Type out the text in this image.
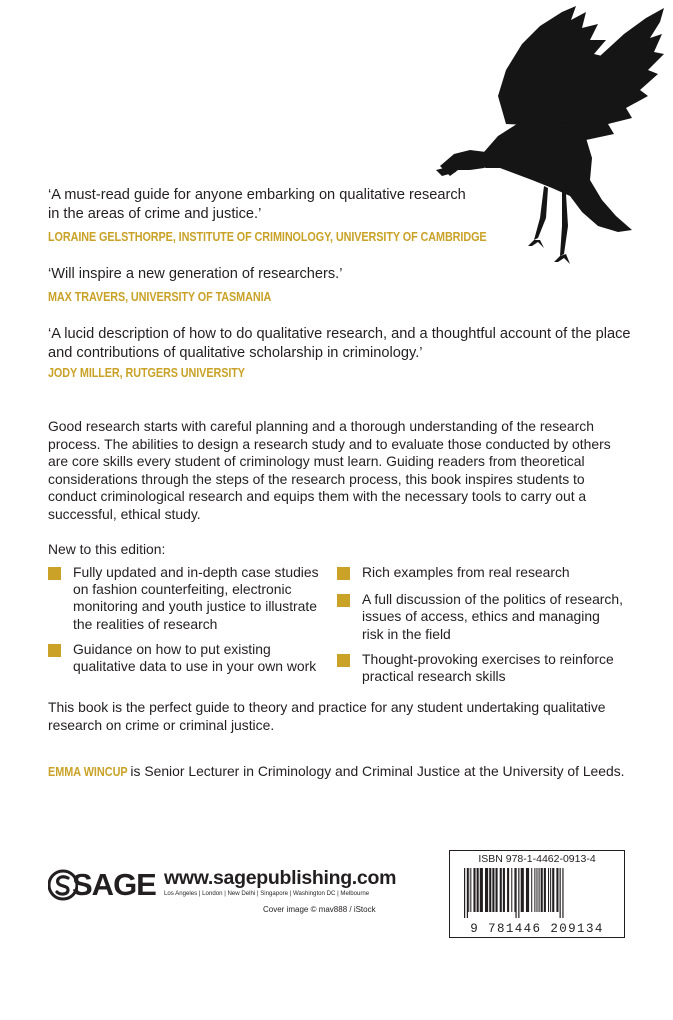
‘A must-read guide for anyone embarking on qualitative research in the areas of crime and justice.’
LORAINE GELSTHORPE, INSTITUTE OF CRIMINOLOGY, UNIVERSITY OF CAMBRIDGE
‘Will inspire a new generation of researchers.’
MAX TRAVERS, UNIVERSITY OF TASMANIA
‘A lucid description of how to do qualitative research, and a thoughtful account of the place and contributions of qualitative scholarship in criminology.’
JODY MILLER, RUTGERS UNIVERSITY
Good research starts with careful planning and a thorough understanding of the research process. The abilities to design a research study and to evaluate those conducted by others are core skills every student of criminology must learn. Guiding readers from theoretical considerations through the steps of the research process, this book inspires students to conduct criminological research and equips them with the necessary tools to carry out a successful, ethical study.
New to this edition:
Fully updated and in-depth case studies on fashion counterfeiting, electronic monitoring and youth justice to illustrate the realities of research
Guidance on how to put existing qualitative data to use in your own work
Rich examples from real research
A full discussion of the politics of research, issues of access, ethics and managing risk in the field
Thought-provoking exercises to reinforce practical research skills
This book is the perfect guide to theory and practice for any student undertaking qualitative research on crime or criminal justice.
EMMA WINCUP is Senior Lecturer in Criminology and Criminal Justice at the University of Leeds.
SAGE www.sagepublishing.com
Los Angeles | London | New Delhi | Singapore | Washington DC | Melbourne
Cover image © mav888 / iStock
ISBN 978-1-4462-0913-4
9 781446 209134
